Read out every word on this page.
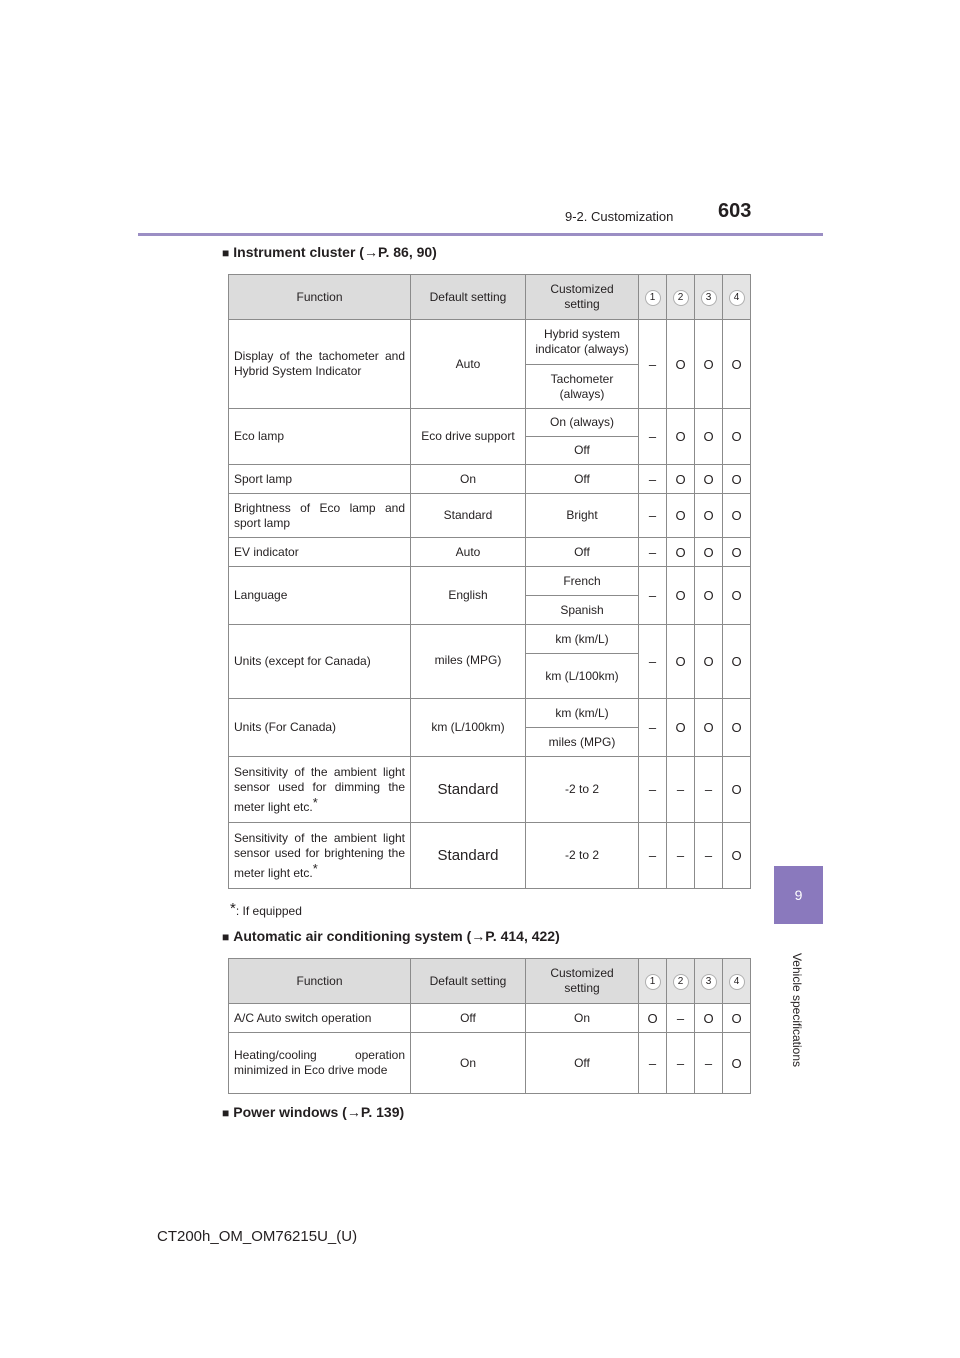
9-2. Customization 603
9
Vehicle specifications
■ Instrument cluster (→P. 86, 90)
Function	Default setting	Customized setting	1	2	3	4
Display of the tachometer and Hybrid System Indicator	Auto	Hybrid system indicator (always)	–	O	O	O
		Tachometer (always)				
Eco lamp	Eco drive support	On (always)	–	O	O	O
		Off				
Sport lamp	On	Off	–	O	O	O
Brightness of Eco lamp and sport lamp	Standard	Bright	–	O	O	O
EV indicator	Auto	Off	–	O	O	O
Language	English	French	–	O	O	O
		Spanish				
Units (except for Canada)	miles (MPG)	km (km/L)	–	O	O	O
		km (L/100km)				
Units (For Canada)	km (L/100km)	km (km/L)	–	O	O	O
		miles (MPG)				
Sensitivity of the ambient light sensor used for dimming the meter light etc.*	Standard	-2 to 2	–	–	–	O
Sensitivity of the ambient light sensor used for brightening the meter light etc.*	Standard	-2 to 2	–	–	–	O
*: If equipped
■ Automatic air conditioning system (→P. 414, 422)
Function	Default setting	Customized setting	1	2	3	4
A/C Auto switch operation	Off	On	O	–	O	O
Heating/cooling operation minimized in Eco drive mode	On	Off	–	–	–	O
■ Power windows (→P. 139)
CT200h_OM_OM76215U_(U)
